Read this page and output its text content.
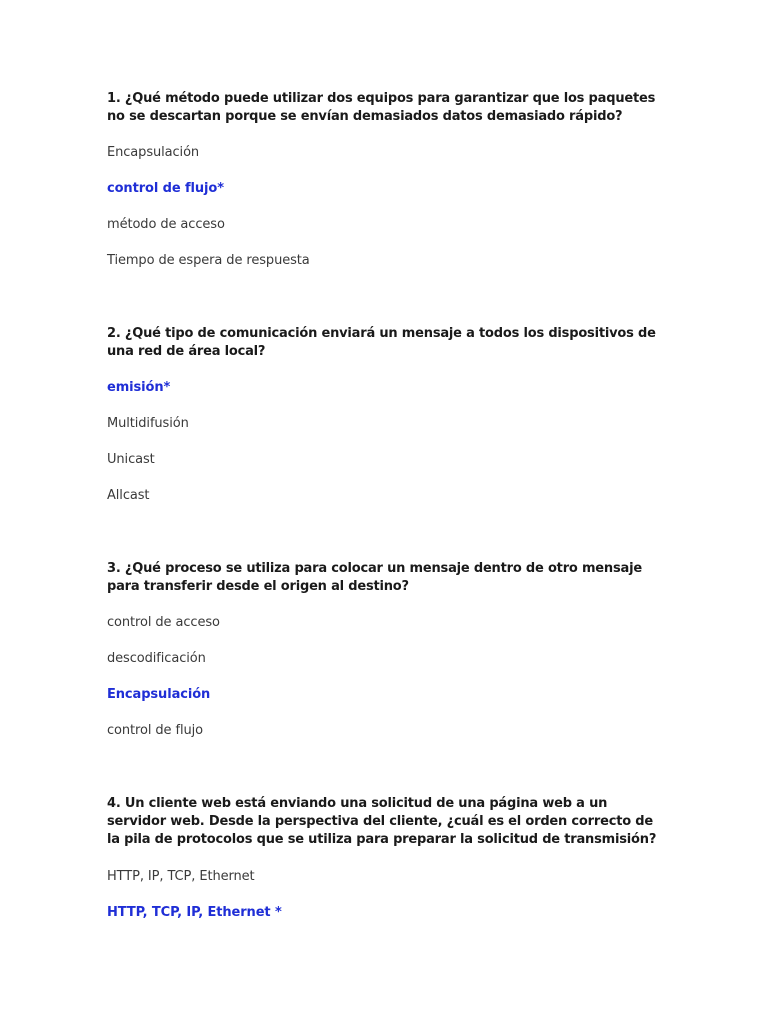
1. ¿Qué método puede utilizar dos equipos para garantizar que los paquetes no se descartan porque se envían demasiados datos demasiado rápido?
Encapsulación
control de flujo*
método de acceso
Tiempo de espera de respuesta
2. ¿Qué tipo de comunicación enviará un mensaje a todos los dispositivos de una red de área local?
emisión*
Multidifusión
Unicast
Allcast
3. ¿Qué proceso se utiliza para colocar un mensaje dentro de otro mensaje para transferir desde el origen al destino?
control de acceso
descodificación
Encapsulación
control de flujo
4. Un cliente web está enviando una solicitud de una página web a un servidor web. Desde la perspectiva del cliente, ¿cuál es el orden correcto de la pila de protocolos que se utiliza para preparar la solicitud de transmisión?
HTTP, IP, TCP, Ethernet
HTTP, TCP, IP, Ethernet *
